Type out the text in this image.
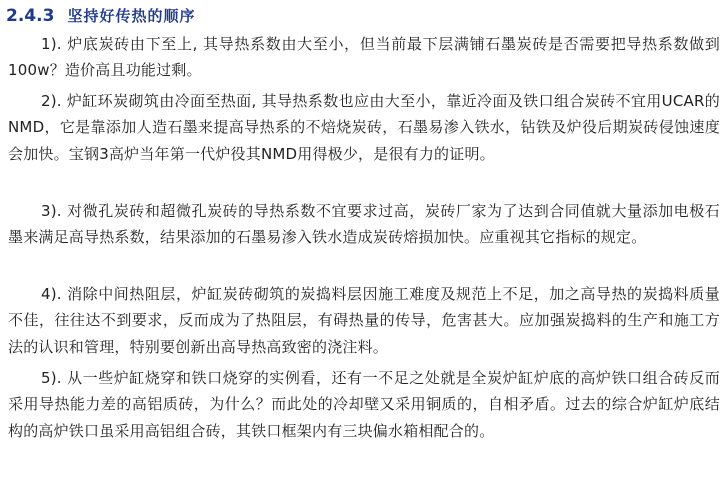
2.4.3 坚持好传热的顺序

1). 炉底炭砖由下至上, 其导热系数由大至小，但当前最下层满铺石墨炭砖是否需要把导热系数做到100w？造价高且功能过剩。

2). 炉缸环炭砌筑由冷面至热面, 其导热系数也应由大至小，靠近冷面及铁口组合炭砖不宜用UCAR的NMD，它是靠添加人造石墨来提高导热系的不焙烧炭砖，石墨易渗入铁水，钻铁及炉役后期炭砖侵蚀速度会加快。宝钢3高炉当年第一代炉役其NMD用得极少，是很有力的证明。

3). 对微孔炭砖和超微孔炭砖的导热系数不宜要求过高，炭砖厂家为了达到合同值就大量添加电极石墨来满足高导热系数，结果添加的石墨易渗入铁水造成炭砖熔损加快。应重视其它指标的规定。

4). 消除中间热阻层，炉缸炭砖砌筑的炭捣料层因施工难度及规范上不足，加之高导热的炭捣料质量不佳，往往达不到要求，反而成为了热阻层，有碍热量的传导，危害甚大。应加强炭捣料的生产和施工方法的认识和管理，特别要创新出高导热高致密的浇注料。

5). 从一些炉缸烧穿和铁口烧穿的实例看，还有一不足之处就是全炭炉缸炉底的高炉铁口组合砖反而采用导热能力差的高铝质砖，为什么？而此处的冷却壁又采用铜质的，自相矛盾。过去的综合炉缸炉底结构的高炉铁口虽采用高铝组合砖，其铁口框架内有三块偏水箱相配合的。
